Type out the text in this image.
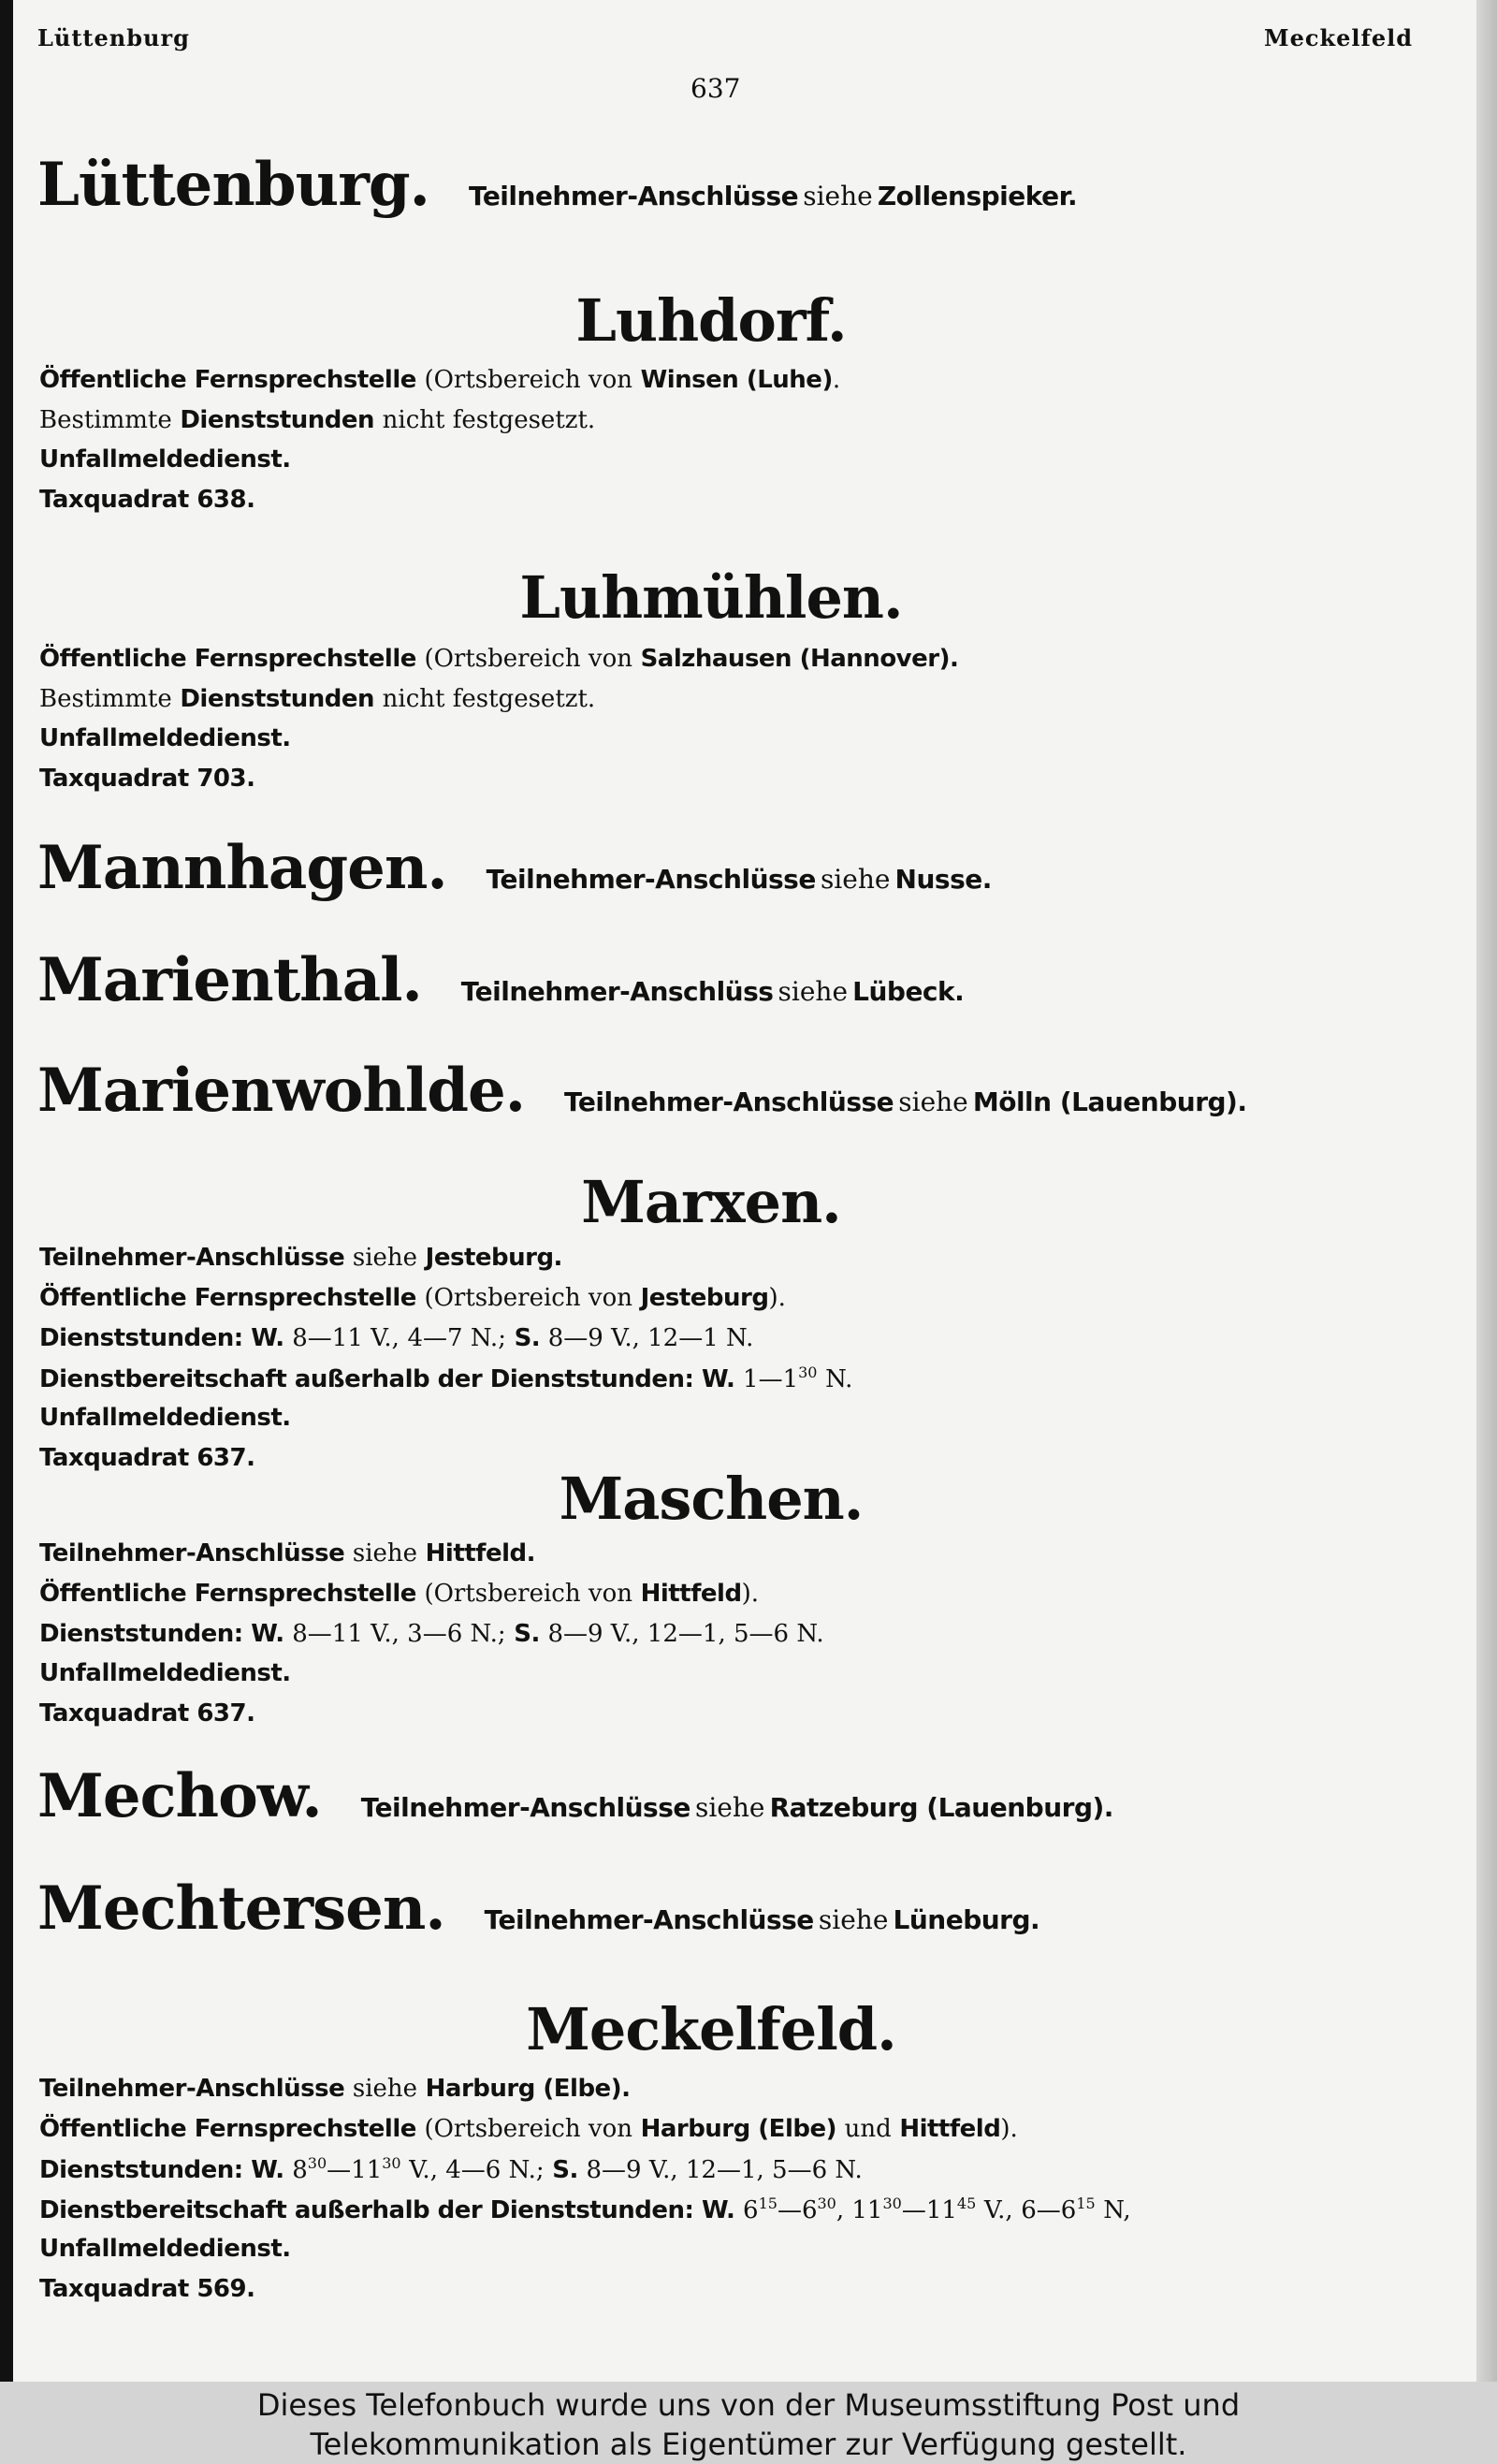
Lüttenburg	Meckelfeld
637
Lüttenburg. Teilnehmer-Anschlüsse
siehe
Zollenspieker.
Luhdorf.
Öffentliche Fernsprechstelle (Ortsbereich von Winsen (Luhe).
Bestimmte Dienststunden nicht festgesetzt.
Unfallmeldedienst.
Taxquadrat 638.
Luhmühlen.
Öffentliche Fernsprechstelle (Ortsbereich von Salzhausen (Hannover).
Bestimmte Dienststunden nicht festgesetzt.
Unfallmeldedienst.
Taxquadrat 703.
Mannhagen. Teilnehmer-Anschlüsse
siehe
Nusse.
Marienthal. Teilnehmer-Anschlüss
siehe
Lübeck.
Marienwohlde. Teilnehmer-Anschlüsse
siehe
Mölln (Lauenburg).
Marxen.
Teilnehmer-Anschlüsse siehe Jesteburg.
Öffentliche Fernsprechstelle (Ortsbereich von Jesteburg).
Dienststunden: W. 8—11 V., 4—7 N.; S. 8—9 V., 12—1 N.
Dienstbereitschaft außerhalb der Dienststunden: W. $1—1^{30}$ N.
Unfallmeldedienst.
Taxquadrat 637.
Maschen.
Teilnehmer-Anschlüsse siehe Hittfeld.
Öffentliche Fernsprechstelle (Ortsbereich von Hittfeld).
Dienststunden: W. 8—11 V., 3—6 N.; S. 8—9 V., 12—1, 5—6 N.
Unfallmeldedienst.
Taxquadrat 637.
Mechow. Teilnehmer-Anschlüsse
siehe
Ratzeburg (Lauenburg).
Mechtersen. Teilnehmer-Anschlüsse
siehe
Lüneburg.
Meckelfeld.
Teilnehmer-Anschlüsse siehe Harburg (Elbe).
Öffentliche Fernsprechstelle (Ortsbereich von Harburg (Elbe) und Hittfeld).
Dienststunden: W. $8^{30}—11^{30}$ V., 4—6 N.; S. 8—9 V., 12—1, 5—6 N.
Dienstbereitschaft außerhalb der Dienststunden: W. $6^{15}—6^{30}$, $11^{30}—11^{45}$ V., $6—6^{15}$ N,
Unfallmeldedienst.
Taxquadrat 569.
Dieses Telefonbuch wurde uns von der Museumsstiftung Post und
Telekommunikation als Eigentümer zur Verfügung gestellt.
